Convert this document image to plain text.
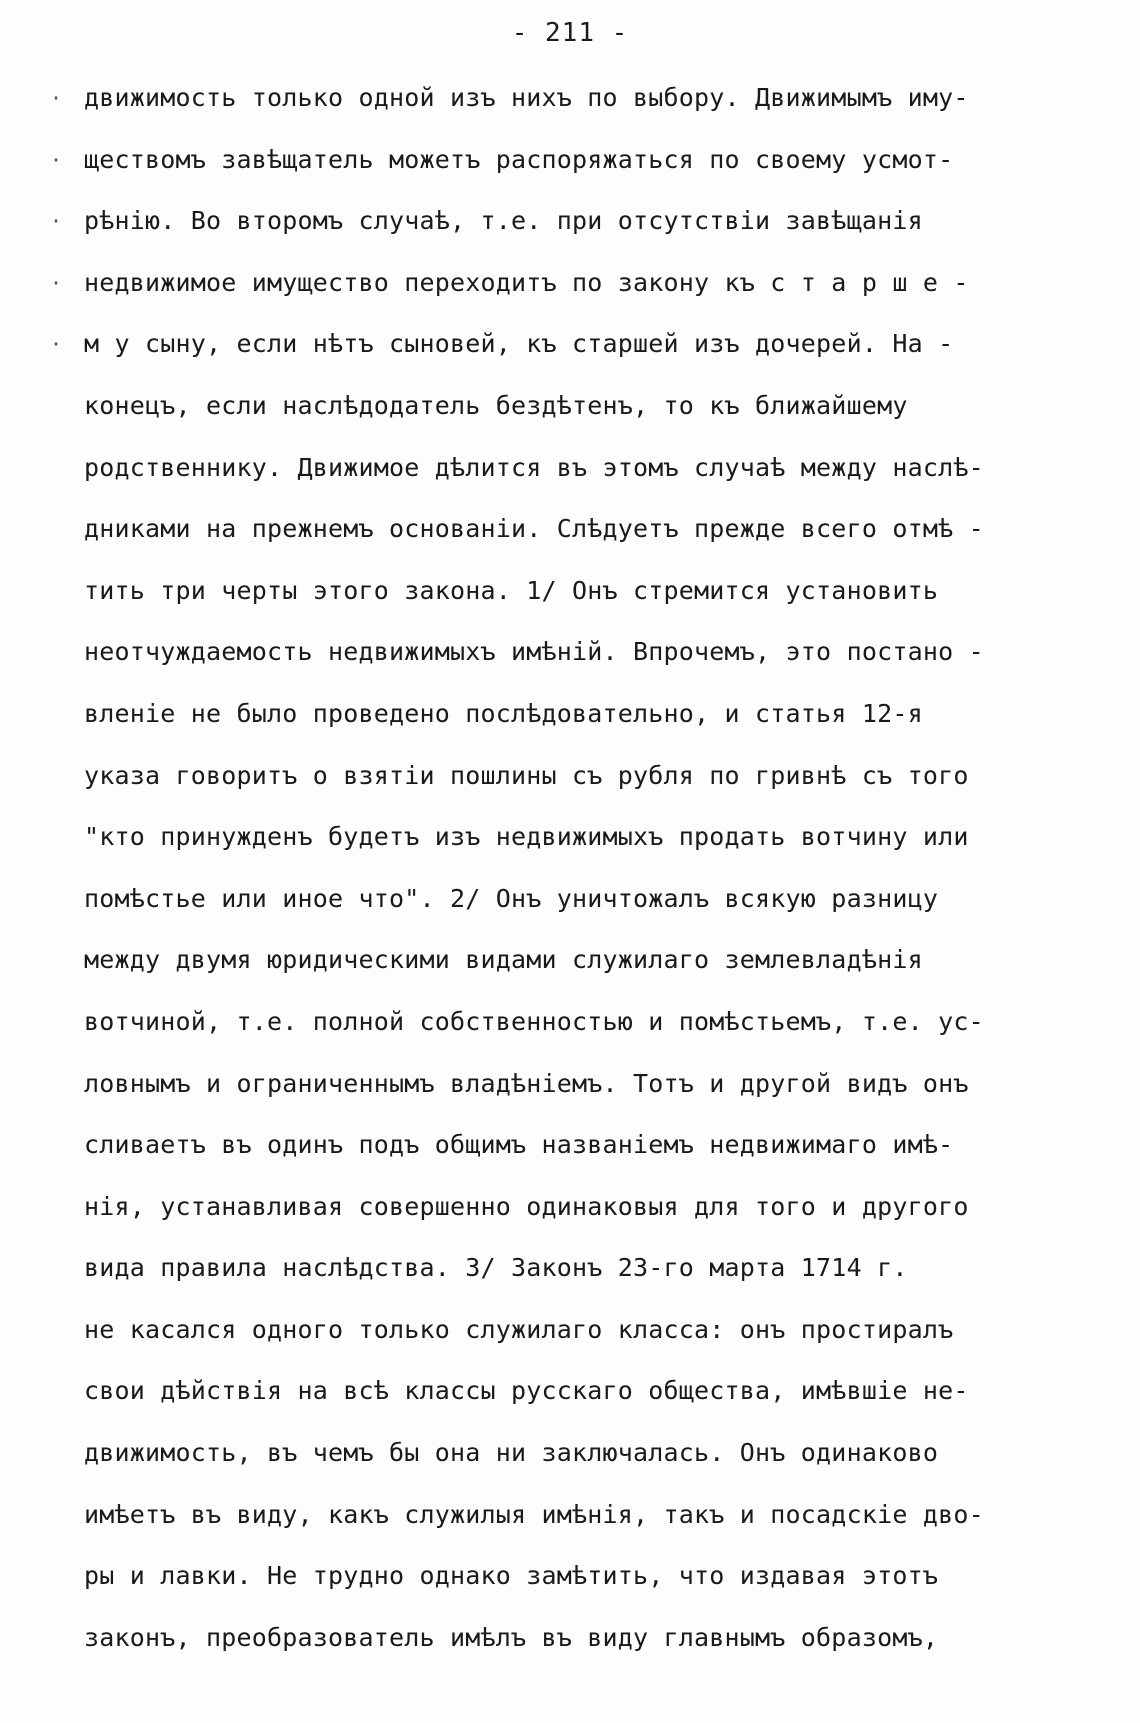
- 211 -
·
·
·
·
·
движимость только одной изъ нихъ по выбору. Движимымъ иму-
ществомъ завѣщатель можетъ распоряжаться по своему усмот-
рѣнію. Во второмъ случаѣ, т.е. при отсутствіи завѣщанія
недвижимое имущество переходитъ по закону къ с т а р ш е -
м у сыну, если нѣтъ сыновей, къ старшей изъ дочерей. На -
конецъ, если наслѣдодатель бездѣтенъ, то къ ближайшему
родственнику. Движимое дѣлится въ этомъ случаѣ между наслѣ-
дниками на прежнемъ основаніи. Слѣдуетъ прежде всего отмѣ -
тить три черты этого закона. 1/ Онъ стремится установить
неотчуждаемость недвижимыхъ имѣній. Впрочемъ, это постано -
вленіе не было проведено послѣдовательно, и статья 12-я
указа говоритъ о взятіи пошлины съ рубля по гривнѣ съ того
"кто принужденъ будетъ изъ недвижимыхъ продать вотчину или
помѣстье или иное что". 2/ Онъ уничтожалъ всякую разницу
между двумя юридическими видами служилаго землевладѣнія
вотчиной, т.е. полной собственностью и помѣстьемъ, т.е. ус-
ловнымъ и ограниченнымъ владѣніемъ. Тотъ и другой видъ онъ
сливаетъ въ одинъ подъ общимъ названіемъ недвижимаго имѣ-
нія, устанавливая совершенно одинаковыя для того и другого
вида правила наслѣдства. 3/ Законъ 23-го марта 1714 г.
не касался одного только служилаго класса: онъ простиралъ
свои дѣйствія на всѣ классы русскаго общества, имѣвшіе не-
движимость, въ чемъ бы она ни заключалась. Онъ одинаково
имѣетъ въ виду, какъ служилыя имѣнія, такъ и посадскіе дво-
ры и лавки. Не трудно однако замѣтить, что издавая этотъ
законъ, преобразователь имѣлъ въ виду главнымъ образомъ,
